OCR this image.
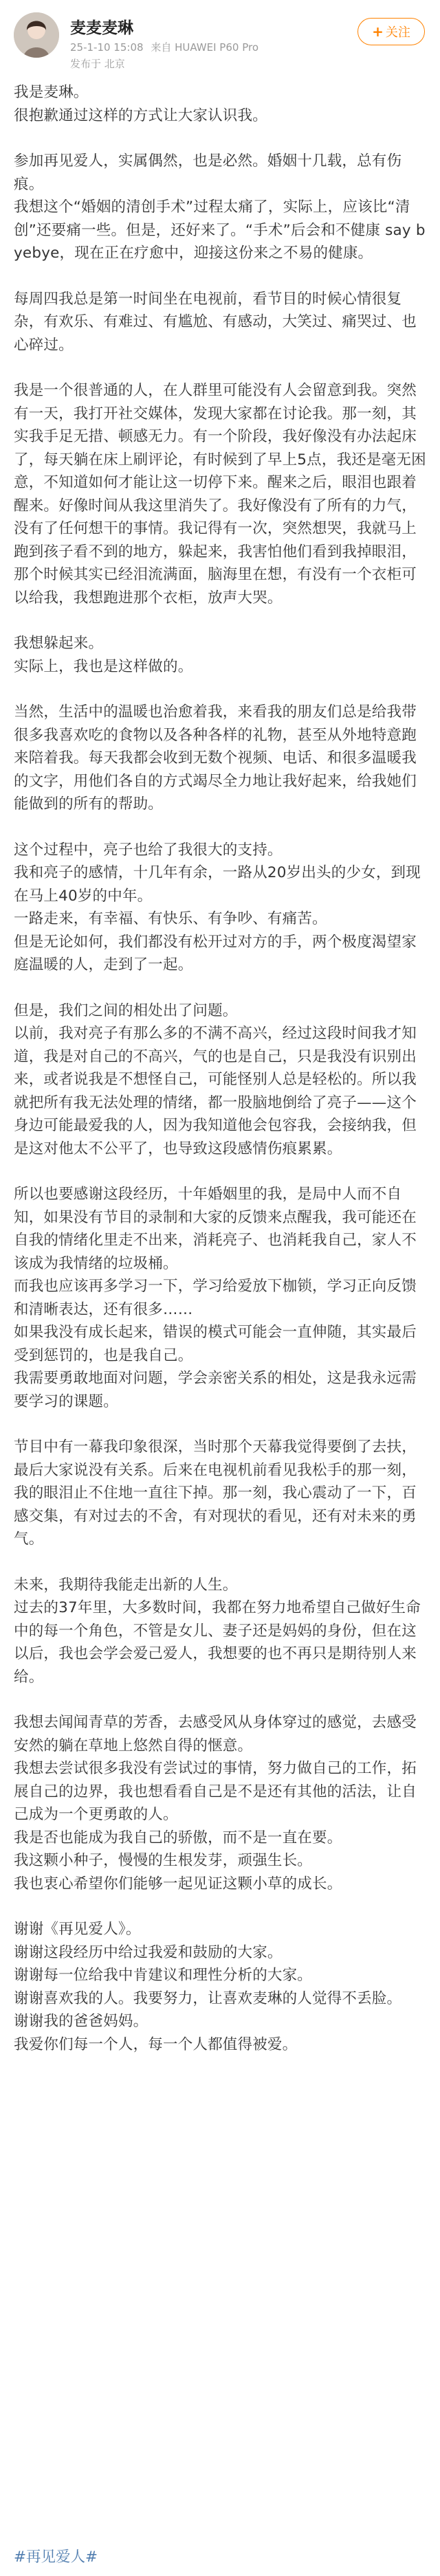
麦麦麦琳
25-1-10 15:08 来自 HUAWEI P60 Pro
发布于 北京
+ 关注

我是麦琳。
很抱歉通过这样的方式让大家认识我。

参加再见爱人，实属偶然，也是必然。婚姻十几载，总有伤痕。
我想这个“婚姻的清创手术”过程太痛了，实际上，应该比“清创”还要痛一些。但是，还好来了。“手术”后会和不健康 say byebye，现在正在疗愈中，迎接这份来之不易的健康。

每周四我总是第一时间坐在电视前，看节目的时候心情很复杂，有欢乐、有难过、有尴尬、有感动，大笑过、痛哭过、也心碎过。

我是一个很普通的人，在人群里可能没有人会留意到我。突然有一天，我打开社交媒体，发现大家都在讨论我。那一刻，其实我手足无措、顿感无力。有一个阶段，我好像没有办法起床了，每天躺在床上刷评论，有时候到了早上5点，我还是毫无困意，不知道如何才能让这一切停下来。醒来之后，眼泪也跟着醒来。好像时间从我这里消失了。我好像没有了所有的力气，没有了任何想干的事情。我记得有一次，突然想哭，我就马上跑到孩子看不到的地方，躲起来，我害怕他们看到我掉眼泪，那个时候其实已经泪流满面，脑海里在想，有没有一个衣柜可以给我，我想跑进那个衣柜，放声大哭。

我想躲起来。
实际上，我也是这样做的。

当然，生活中的温暖也治愈着我，来看我的朋友们总是给我带很多我喜欢吃的食物以及各种各样的礼物，甚至从外地特意跑来陪着我。每天我都会收到无数个视频、电话、和很多温暖我的文字，用他们各自的方式竭尽全力地让我好起来，给我她们能做到的所有的帮助。

这个过程中，亮子也给了我很大的支持。
我和亮子的感情，十几年有余，一路从20岁出头的少女，到现在马上40岁的中年。
一路走来，有幸福、有快乐、有争吵、有痛苦。
但是无论如何，我们都没有松开过对方的手，两个极度渴望家庭温暖的人，走到了一起。

但是，我们之间的相处出了问题。
以前，我对亮子有那么多的不满不高兴，经过这段时间我才知道，我是对自己的不高兴，气的也是自己，只是我没有识别出来，或者说我是不想怪自己，可能怪别人总是轻松的。所以我就把所有我无法处理的情绪，都一股脑地倒给了亮子——这个身边可能最爱我的人，因为我知道他会包容我，会接纳我，但是这对他太不公平了，也导致这段感情伤痕累累。

所以也要感谢这段经历，十年婚姻里的我，是局中人而不自知，如果没有节目的录制和大家的反馈来点醒我，我可能还在自我的情绪化里走不出来，消耗亮子、也消耗我自己，家人不该成为我情绪的垃圾桶。
而我也应该再多学习一下，学习给爱放下枷锁，学习正向反馈和清晰表达，还有很多……
如果我没有成长起来，错误的模式可能会一直伸随，其实最后受到惩罚的，也是我自己。
我需要勇敢地面对问题，学会亲密关系的相处，这是我永远需要学习的课题。

节目中有一幕我印象很深，当时那个天幕我觉得要倒了去扶，最后大家说没有关系。后来在电视机前看见我松手的那一刻，我的眼泪止不住地一直往下掉。那一刻，我心震动了一下，百感交集，有对过去的不舍，有对现状的看见，还有对未来的勇气。

未来，我期待我能走出新的人生。
过去的37年里，大多数时间，我都在努力地希望自己做好生命中的每一个角色，不管是女儿、妻子还是妈妈的身份，但在这以后，我也会学会爱己爱人，我想要的也不再只是期待别人来给。

我想去闻闻青草的芳香，去感受风从身体穿过的感觉，去感受安然的躺在草地上悠然自得的惬意。
我想去尝试很多我没有尝试过的事情，努力做自己的工作，拓展自己的边界，我也想看看自己是不是还有其他的活法，让自己成为一个更勇敢的人。
我是否也能成为我自己的骄傲，而不是一直在要。
我这颗小种子，慢慢的生根发芽，顽强生长。
我也衷心希望你们能够一起见证这颗小草的成长。

谢谢《再见爱人》。
谢谢这段经历中给过我爱和鼓励的大家。
谢谢每一位给我中肯建议和理性分析的大家。
谢谢喜欢我的人。我要努力，让喜欢麦琳的人觉得不丢脸。
谢谢我的爸爸妈妈。
我爱你们每一个人，每一个人都值得被爱。

#再见爱人#
